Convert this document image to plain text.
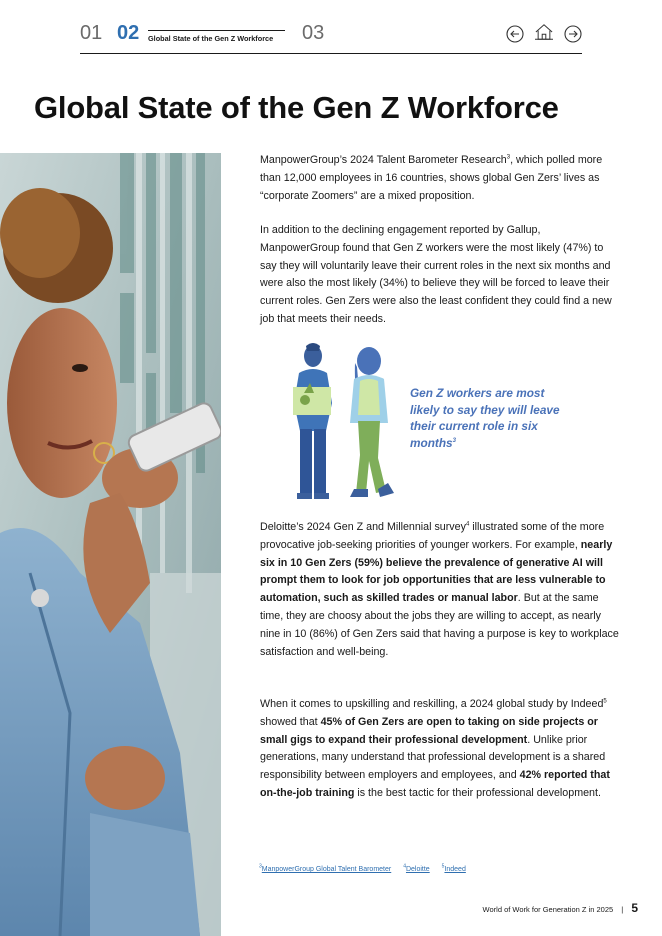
01 02 Global State of the Gen Z Workforce	03
Global State of the Gen Z Workforce

ManpowerGroup’s 2024 Talent Barometer Research$^3$, which polled more than 12,000 employees in 16 countries, shows global Gen Zers’ lives as “corporate Zoomers” are a mixed proposition.

In addition to the declining engagement reported by Gallup, ManpowerGroup found that Gen Z workers were the most likely (47%) to say they will voluntarily leave their current roles in the next six months and were also the most likely (34%) to believe they will be forced to leave their current roles. Gen Zers were also the least confident they could find a new job that meets their needs.

Gen Z workers are most likely to say they will leave their current role in six months$^3$

Deloitte’s 2024 Gen Z and Millennial survey$^4$ illustrated some of the more provocative job-seeking priorities of younger workers. For example, nearly six in 10 Gen Zers (59%) believe the prevalence of generative AI will prompt them to look for job opportunities that are less vulnerable to automation, such as skilled trades or manual labor. But at the same time, they are choosy about the jobs they are willing to accept, as nearly nine in 10 (86%) of Gen Zers said that having a purpose is key to workplace satisfaction and well-being.

When it comes to upskilling and reskilling, a 2024 global study by Indeed$^5$ showed that 45% of Gen Zers are open to taking on side projects or small gigs to expand their professional development. Unlike prior generations, many understand that professional development is a shared responsibility between employers and employees, and 42% reported that on-the-job training is the best tactic for their professional development.

$^3$ManpowerGroup Global Talent Barometer $^4$Deloitte $^5$Indeed
World of Work for Generation Z in 2025 | 5
